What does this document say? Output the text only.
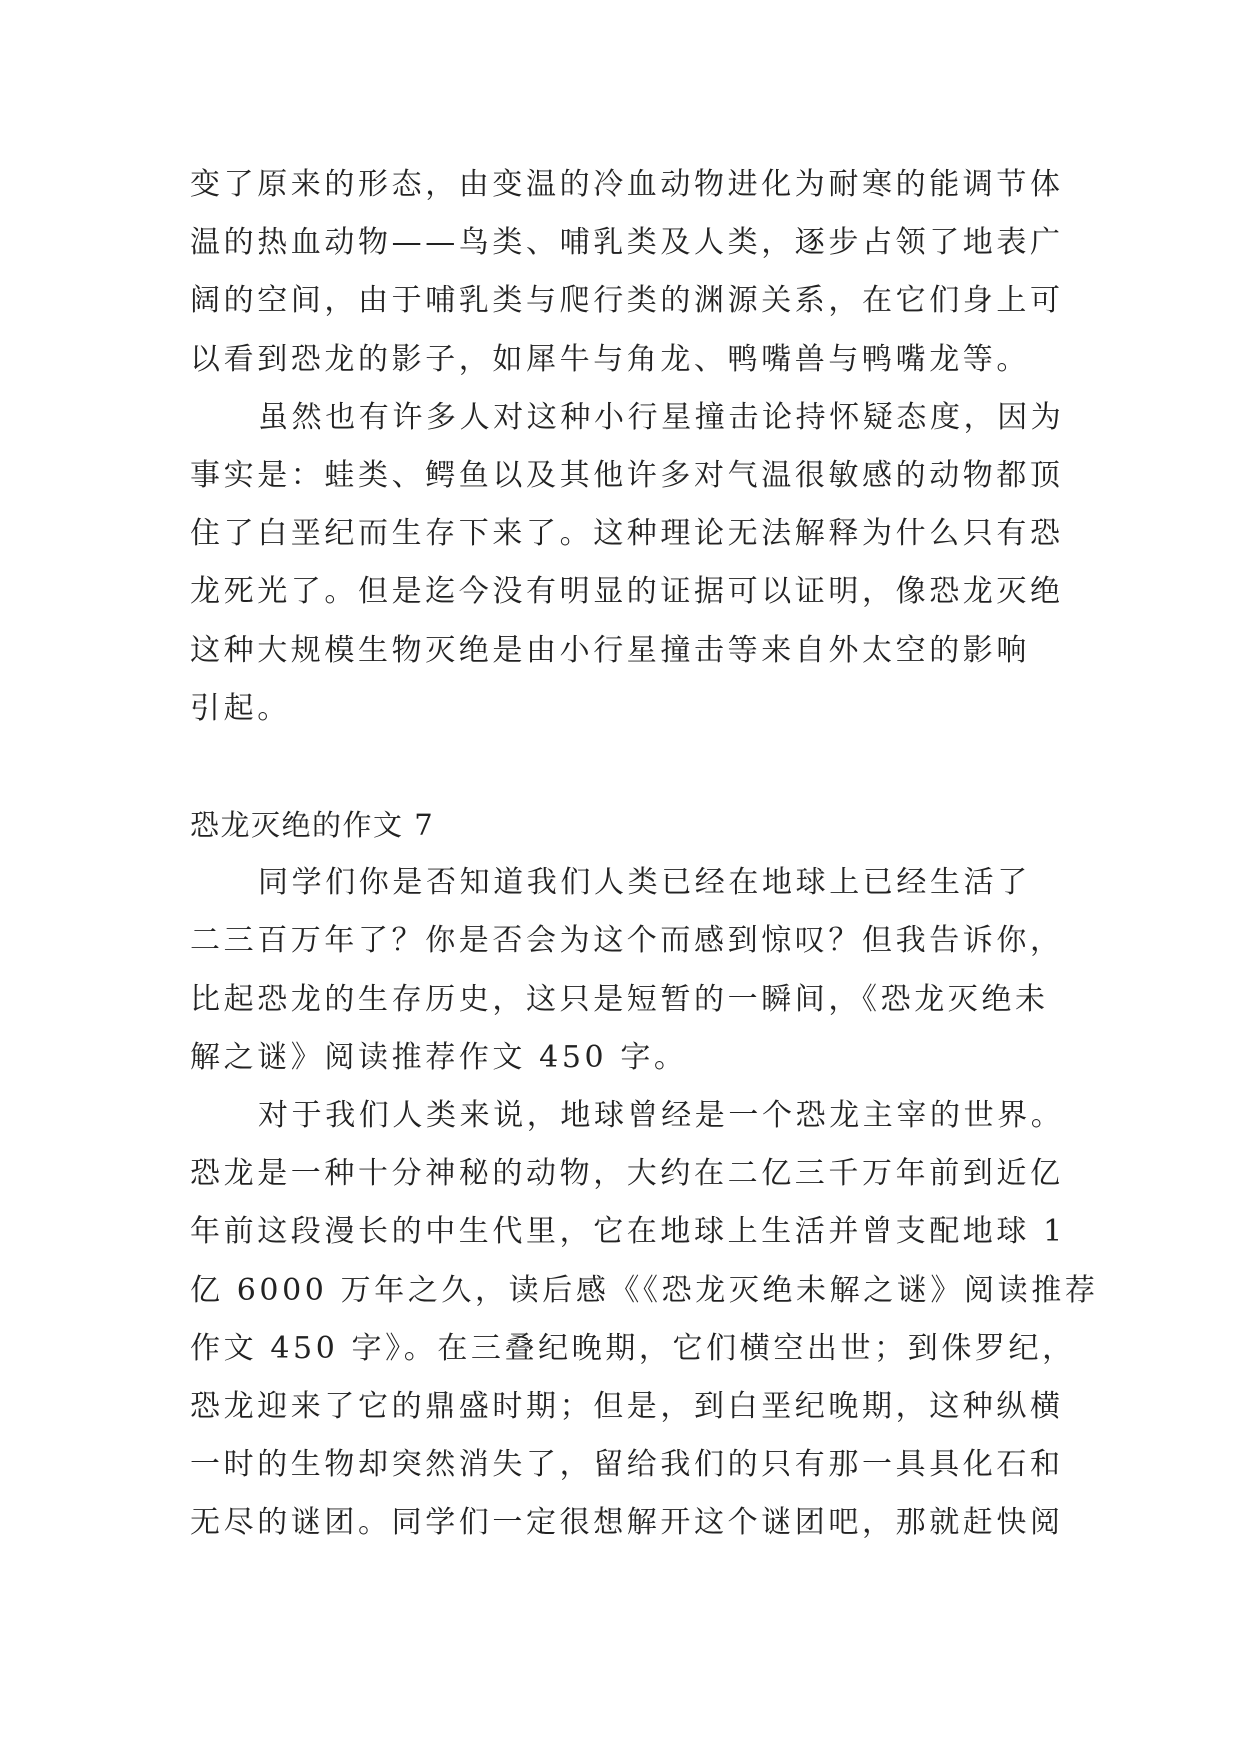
变了原来的形态，由变温的冷血动物进化为耐寒的能调节体
温的热血动物——鸟类、哺乳类及人类，逐步占领了地表广
阔的空间，由于哺乳类与爬行类的渊源关系，在它们身上可
以看到恐龙的影子，如犀牛与角龙、鸭嘴兽与鸭嘴龙等。
虽然也有许多人对这种小行星撞击论持怀疑态度，因为
事实是：蛙类、鳄鱼以及其他许多对气温很敏感的动物都顶
住了白垩纪而生存下来了。这种理论无法解释为什么只有恐
龙死光了。但是迄今没有明显的证据可以证明，像恐龙灭绝
这种大规模生物灭绝是由小行星撞击等来自外太空的影响
引起。
恐龙灭绝的作文 7
同学们你是否知道我们人类已经在地球上已经生活了
二三百万年了？你是否会为这个而感到惊叹？但我告诉你，
比起恐龙的生存历史，这只是短暂的一瞬间，《恐龙灭绝未
解之谜》阅读推荐作文 450 字。
对于我们人类来说，地球曾经是一个恐龙主宰的世界。
恐龙是一种十分神秘的动物，大约在二亿三千万年前到近亿
年前这段漫长的中生代里，它在地球上生活并曾支配地球 1
亿 6000 万年之久，读后感《《恐龙灭绝未解之谜》阅读推荐
作文 450 字》。在三叠纪晚期，它们横空出世；到侏罗纪，
恐龙迎来了它的鼎盛时期；但是，到白垩纪晚期，这种纵横
一时的生物却突然消失了，留给我们的只有那一具具化石和
无尽的谜团。同学们一定很想解开这个谜团吧，那就赶快阅
